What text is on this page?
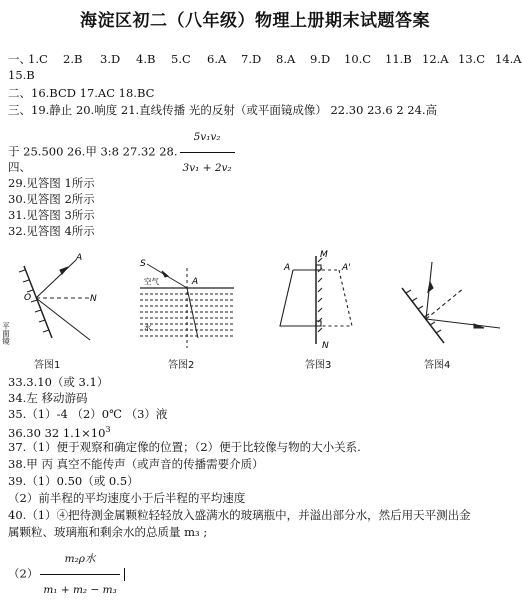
海淀区初二（八年级）物理上册期末试题答案
一、
1.C 2.B 3.D 4.B 5.C 6.A 7.D 8.A 9.D 10.C 11.B 12.A 13.C 14.A
15.B
二、16.BCD 17.AC 18.BC
三、19.静止 20.响度 21.直线传播 光的反射（或平面镜成像） 22.30 23.6 2 24.高
于 25.500 26.甲 3:8 27.32 28. $\frac{\text{5v₁v₂}}{\text{3v₁ + 2v₂}}$
四、
29.见答图 1所示
30.见答图 2所示
31.见答图 3所示
32.见答图 4所示
A
O	N
平面镜
答图1
S
A
空气
水
答图2
M
A	A'
N
答图3	答图4
33.3.10（或 3.1）
34.左 移动游码
35.（1）-4 （2）0℃ （3）液
36.30 32 $1.1\times 10^3$
37.（1）便于观察和确定像的位置；（2）便于比较像与物的大小关系.
38.甲 丙 真空不能传声（或声音的传播需要介质）
39.（1）0.50（或 0.5）
（2）前半程的平均速度小于后半程的平均速度
40.（1）④把待测金属颗粒轻轻放入盛满水的玻璃瓶中，并溢出部分水，然后用天平测出金
属颗粒、玻璃瓶和剩余水的总质量 m₃ ;
$(2) \frac{\text{m₂ρ水}}{\text{m₁ + m₂ − m₃}}$
